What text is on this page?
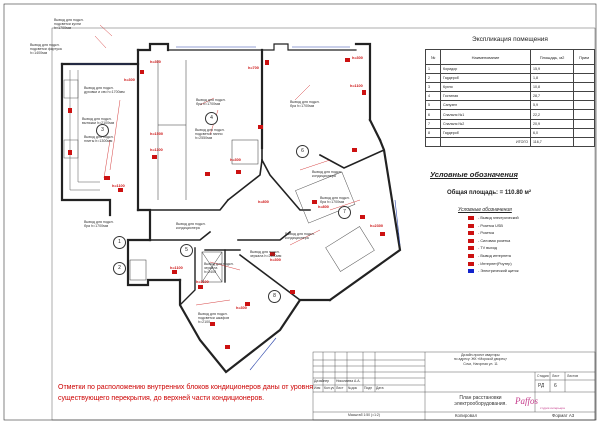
Paffos
1
2
3
4
5
6
7
8
Вывод для подкл.
подсветки кухни
h=1700мм
Вывод для подкл.
подсветки фартука
h=1400мм
Вывод для подкл.
духовки и свч h=1700мм
Вывод для подкл.
вытяжки h=2100мм
Вывод для подкл.
плиты h=1300мм
Вывод для подкл.
бра h=1700мм
Вывод для подкл.
подсветки панно
h=2550мм
Вывод для подкл.
бра h=1700мм
Вывод для подкл.
кондиционера
Вывод для подкл.
бра h=1700мм
Вывод для подкл.
кондиционера
Вывод для подкл.
бра h=1700мм
Вывод для подкл.
кондиционера
Вывод для подкл.
зеркала h=2400мм
Вывод для подкл.
зеркала
h=2400
Вывод для подкл.
подсветки шкафов
h=2100
h=300
h=1100
h=300
h=1100
h=1500
h=700
h=300
h=300
h=1100
h=800
h=2300
h=300
h=1100
h=1100
h=300
h=800
Экспликация помещения
№	Наименование	Площадь, м2	Прим
1	Коридор	15,9	
2	Гардероб	1,8	
3	Кухня	10,8	
4	Гостиная	28,7	
5	Санузел	5,9	
6	Спальня №1	22,2	
7	Спальня №2	20,9	
8	Гардероб	6,0	
	ИТОГО	116,7	
Условные обозначения
Общая площадь: = 110.80 м²
Условные обозначения
- Вывод электрический
- Розетка USB
- Розетка
- Силовая розетка
- TV выход
- Вывод интернета
- Интернет(Роутер)
- Электрический щиток
Отметки по расположению внутренних блоков кондиционеров даны от уровня существующего перекрытия, до верхней части кондиционеров.
Изм	Кол.уч Лист	№док	Подп	Дата
Дизайнер	Николаева А.А.
Дизайн-проект квартиры
по адресу: ЖК «Морской дворец»
Сочи, Нагорная ул. 11
Стадия	Лист	Листов
РД 6
План расстановки
электрооборудования.
студия интерьера
Масштаб 1:50 (=1:2)	Копировал	Формат А3
